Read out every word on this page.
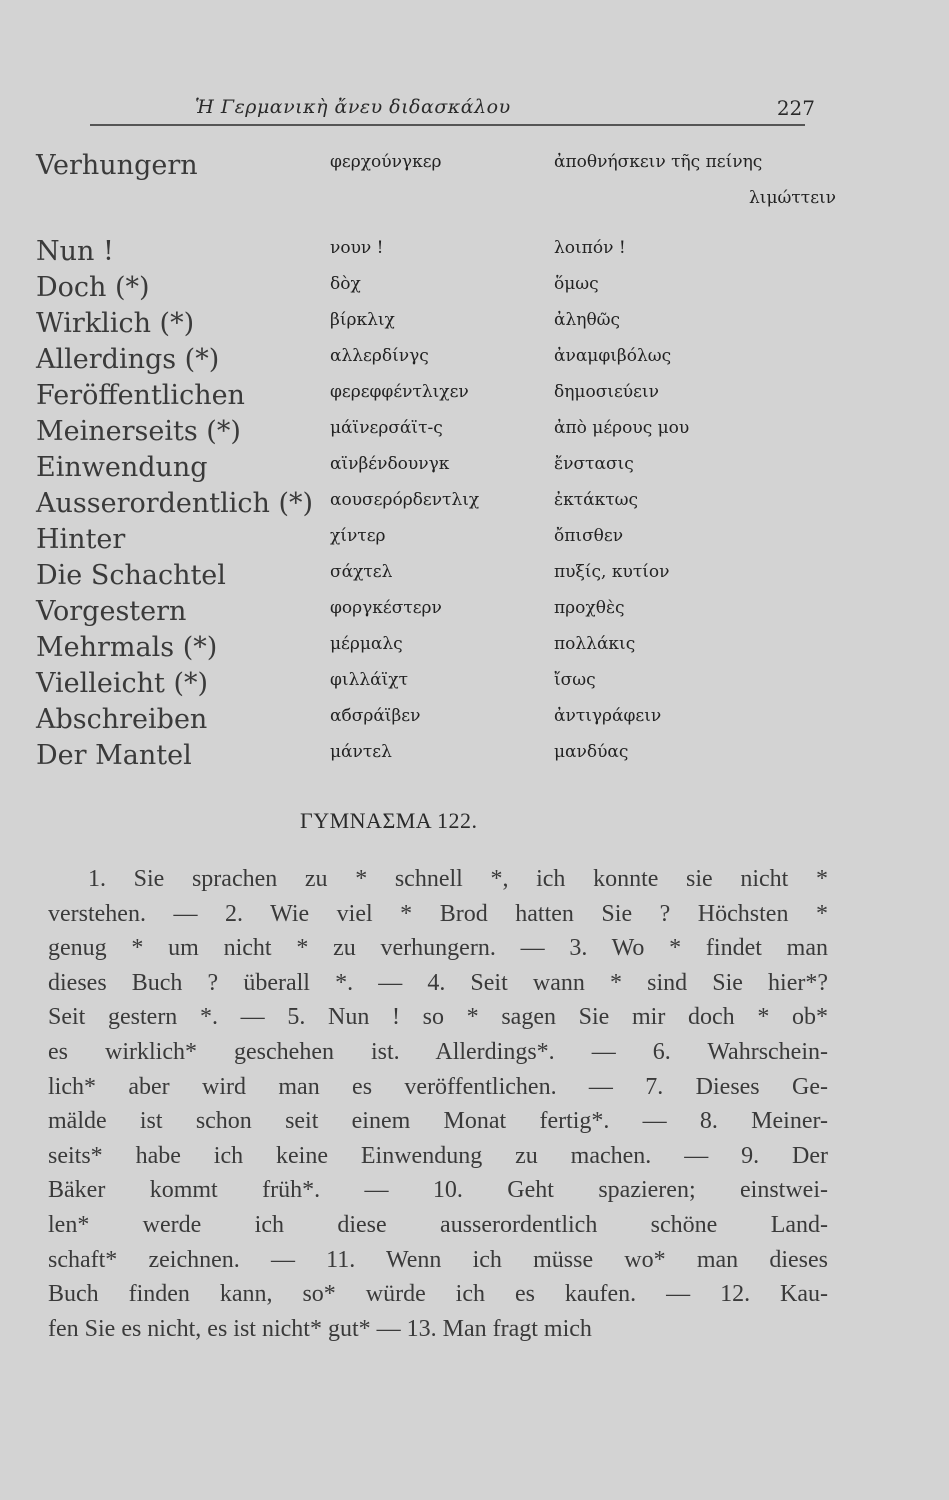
Ἡ Γερμανικὴ ἄνευ διδασκάλου	227
Verhungern	φερχούνγκερ	ἀποθνήσκειν τῆς πείνης
λιμώττειν
Nun !	νουν !	λοιπόν !
Doch (*)	δὸχ	ὅμως
Wirklich (*)	βίρκλιχ	ἀληθῶς
Allerdings (*)	αλλερδίνγς	ἀναμφιβόλως
Feröffentlichen	φερεφφέντλιχεν	δημοσιεύειν
Meinerseits (*)	μάϊνερσάϊτ-ς	ἀπὸ μέρους μου
Einwendung	αϊνβένδουνγκ	ἔνστασις
Ausserordentlich (*) αουσερόρδεντλιχ	ἐκτάκτως
Hinter	χίντερ	ὄπισθεν
Die Schachtel	σάχτελ	πυξίς, κυτίον
Vorgestern	φοργκέστερν	προχθὲς
Mehrmals (*)	μέρμαλς	πολλάκις
Vielleicht (*)	φιλλάϊχτ	ἴσως
Abschreiben	αбσράϊβεν	ἀντιγράφειν
Der Mantel	μάντελ	μανδύας
ΓΥΜΝΑΣΜΑ 122.
1. Sie sprachen zu * schnell *, ich konnte sie nicht *
verstehen. — 2. Wie viel * Brod hatten Sie ? Höchsten *
genug * um nicht * zu verhungern. — 3. Wo * findet man
dieses Buch ? überall *. — 4. Seit wann * sind Sie hier*?
Seit gestern *. — 5. Nun ! so * sagen Sie mir doch * ob*
es wirklich* geschehen ist. Allerdings*. — 6. Wahrschein-
lich* aber wird man es veröffentlichen. — 7. Dieses Ge-
mälde ist schon seit einem Monat fertig*. — 8. Meiner-
seits* habe ich keine Einwendung zu machen. — 9. Der
Bäker kommt früh*. — 10. Geht spazieren; einstwei-
len* werde ich diese ausserordentlich schöne Land-
schaft* zeichnen. — 11. Wenn ich müsse wo* man dieses
Buch finden kann, so* würde ich es kaufen. — 12. Kau-
fen Sie es nicht, es ist nicht* gut* — 13. Man fragt mich
